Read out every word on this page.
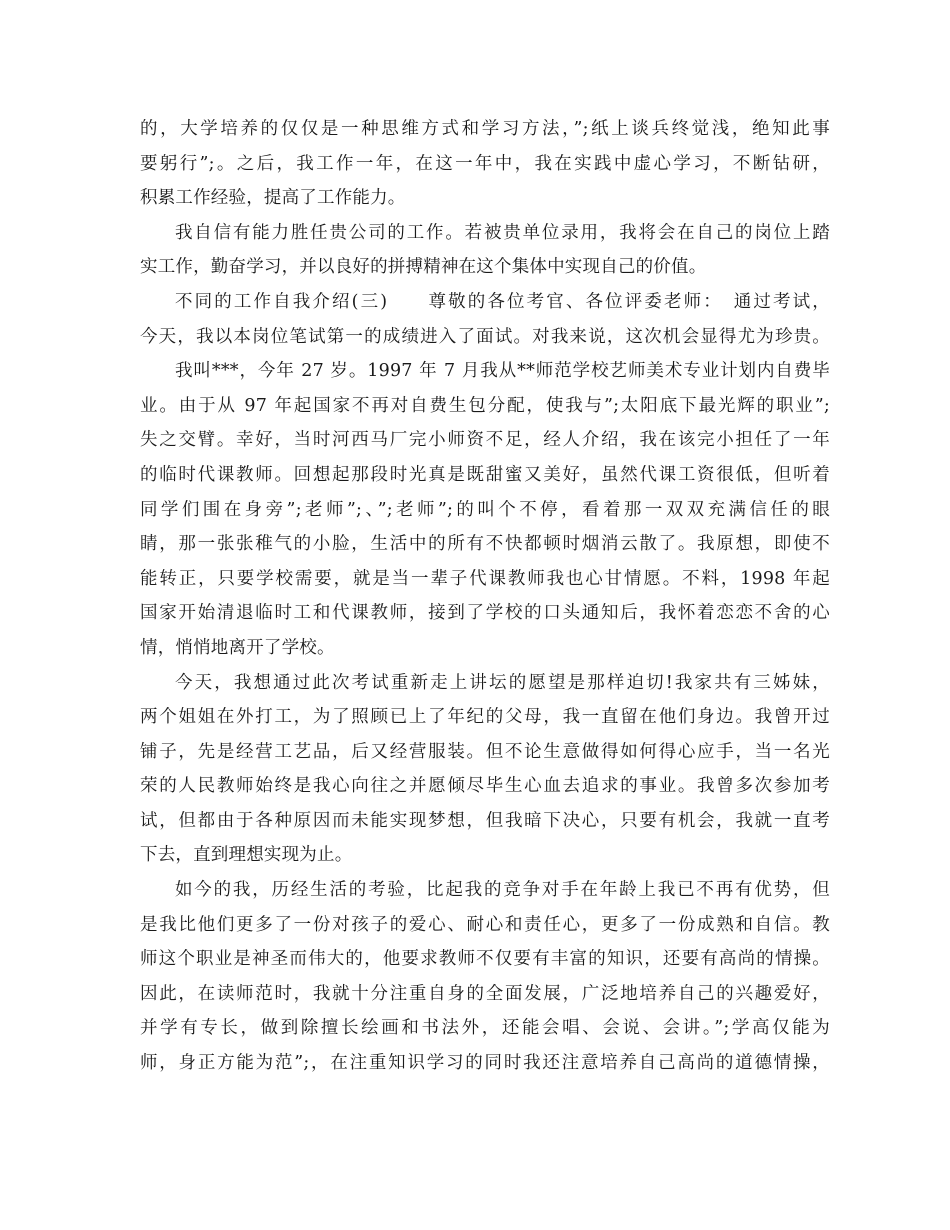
的，大学培养的仅仅是一种思维方式和学习方法，”;纸上谈兵终觉浅，绝知此事
要躬行”;。之后，我工作一年，在这一年中，我在实践中虚心学习，不断钻研，
积累工作经验，提高了工作能力。
我自信有能力胜任贵公司的工作。若被贵单位录用，我将会在自己的岗位上踏
实工作，勤奋学习，并以良好的拼搏精神在这个集体中实现自己的价值。
不同的工作自我介绍(三)　　尊敬的各位考官、各位评委老师：　通过考试，
今天，我以本岗位笔试第一的成绩进入了面试。对我来说，这次机会显得尤为珍贵。
我叫***，今年 27 岁。1997 年 7 月我从**师范学校艺师美术专业计划内自费毕
业。由于从 97 年起国家不再对自费生包分配，使我与”;太阳底下最光辉的职业”;
失之交臂。幸好，当时河西马厂完小师资不足，经人介绍，我在该完小担任了一年
的临时代课教师。回想起那段时光真是既甜蜜又美好，虽然代课工资很低，但听着
同学们围在身旁”;老师”;、”;老师”;的叫个不停，看着那一双双充满信任的眼
睛，那一张张稚气的小脸，生活中的所有不快都顿时烟消云散了。我原想，即使不
能转正，只要学校需要，就是当一辈子代课教师我也心甘情愿。不料，1998 年起
国家开始清退临时工和代课教师，接到了学校的口头通知后，我怀着恋恋不舍的心
情，悄悄地离开了学校。
今天，我想通过此次考试重新走上讲坛的愿望是那样迫切!我家共有三姊妹，
两个姐姐在外打工，为了照顾已上了年纪的父母，我一直留在他们身边。我曾开过
铺子，先是经营工艺品，后又经营服装。但不论生意做得如何得心应手，当一名光
荣的人民教师始终是我心向往之并愿倾尽毕生心血去追求的事业。我曾多次参加考
试，但都由于各种原因而未能实现梦想，但我暗下决心，只要有机会，我就一直考
下去，直到理想实现为止。
如今的我，历经生活的考验，比起我的竞争对手在年龄上我已不再有优势，但
是我比他们更多了一份对孩子的爱心、耐心和责任心，更多了一份成熟和自信。教
师这个职业是神圣而伟大的，他要求教师不仅要有丰富的知识，还要有高尚的情操。
因此，在读师范时，我就十分注重自身的全面发展，广泛地培养自己的兴趣爱好，
并学有专长，做到除擅长绘画和书法外，还能会唱、会说、会讲。”;学高仅能为
师，身正方能为范”;，在注重知识学习的同时我还注意培养自己高尚的道德情操，
